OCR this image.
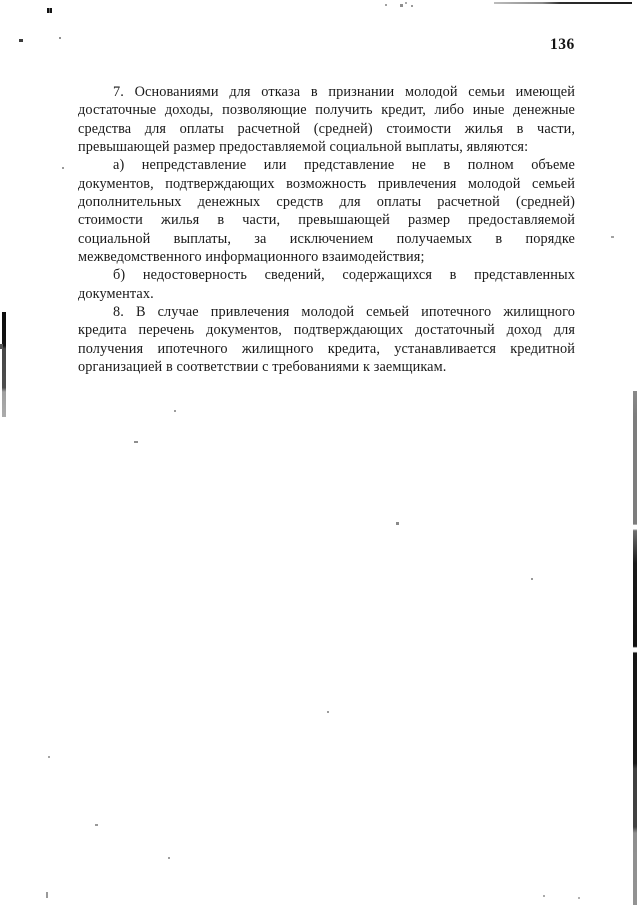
136
7. Основаниями для отказа в признании молодой семьи имеющей
достаточные доходы, позволяющие получить кредит, либо иные денежные
средства для оплаты расчетной (средней) стоимости жилья в части,
превышающей размер предоставляемой социальной выплаты, являются:
а) непредставление или представление не в полном объеме
документов, подтверждающих возможность привлечения молодой семьей
дополнительных денежных средств для оплаты расчетной (средней)
стоимости жилья в части, превышающей размер предоставляемой
социальной выплаты, за исключением получаемых в порядке
межведомственного информационного взаимодействия;
б) недостоверность сведений, содержащихся в представленных
документах.
8. В случае привлечения молодой семьей ипотечного жилищного
кредита перечень документов, подтверждающих достаточный доход для
получения ипотечного жилищного кредита, устанавливается кредитной
организацией в соответствии с требованиями к заемщикам.
